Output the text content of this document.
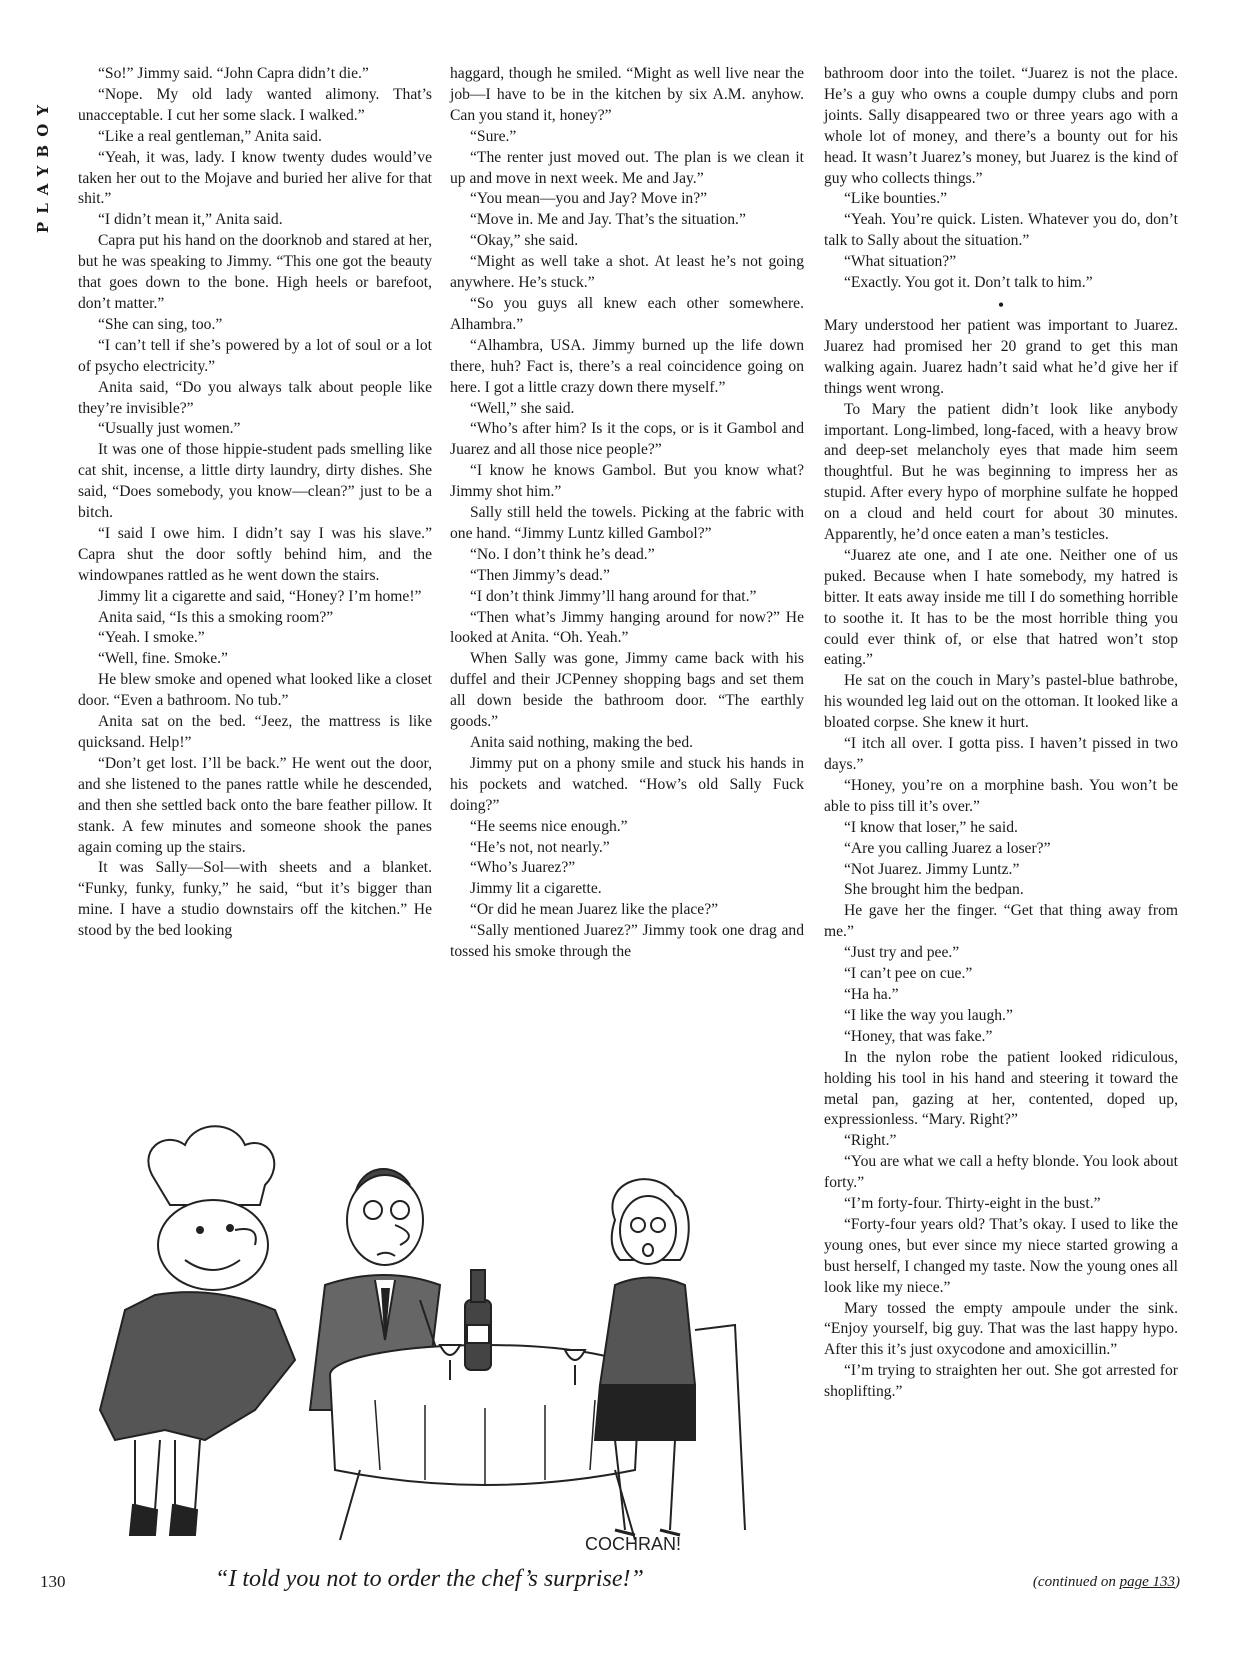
PLAYBOY

“So!” Jimmy said. “John Capra didn’t die.”

“Nope. My old lady wanted alimony. That’s unacceptable. I cut her some slack. I walked.”

“Like a real gentleman,” Anita said.

“Yeah, it was, lady. I know twenty dudes would’ve taken her out to the Mojave and buried her alive for that shit.”

“I didn’t mean it,” Anita said.

Capra put his hand on the doorknob and stared at her, but he was speaking to Jimmy. “This one got the beauty that goes down to the bone. High heels or barefoot, don’t matter.”

“She can sing, too.”

“I can’t tell if she’s powered by a lot of soul or a lot of psycho electricity.”

Anita said, “Do you always talk about people like they’re invisible?”

“Usually just women.”

It was one of those hippie-student pads smelling like cat shit, incense, a little dirty laundry, dirty dishes. She said, “Does somebody, you know—clean?” just to be a bitch.

“I said I owe him. I didn’t say I was his slave.” Capra shut the door softly behind him, and the windowpanes rattled as he went down the stairs.

Jimmy lit a cigarette and said, “Honey? I’m home!”

Anita said, “Is this a smoking room?”

“Yeah. I smoke.”

“Well, fine. Smoke.”

He blew smoke and opened what looked like a closet door. “Even a bathroom. No tub.”

Anita sat on the bed. “Jeez, the mattress is like quicksand. Help!”

“Don’t get lost. I’ll be back.” He went out the door, and she listened to the panes rattle while he descended, and then she settled back onto the bare feather pillow. It stank. A few minutes and someone shook the panes again coming up the stairs.

It was Sally—Sol—with sheets and a blanket. “Funky, funky, funky,” he said, “but it’s bigger than mine. I have a studio downstairs off the kitchen.” He stood by the bed looking

haggard, though he smiled. “Might as well live near the job—I have to be in the kitchen by six A.M. anyhow. Can you stand it, honey?”

“Sure.”

“The renter just moved out. The plan is we clean it up and move in next week. Me and Jay.”

“You mean—you and Jay? Move in?”

“Move in. Me and Jay. That’s the situation.”

“Okay,” she said.

“Might as well take a shot. At least he’s not going anywhere. He’s stuck.”

“So you guys all knew each other somewhere. Alhambra.”

“Alhambra, USA. Jimmy burned up the life down there, huh? Fact is, there’s a real coincidence going on here. I got a little crazy down there myself.”

“Well,” she said.

“Who’s after him? Is it the cops, or is it Gambol and Juarez and all those nice people?”

“I know he knows Gambol. But you know what? Jimmy shot him.”

Sally still held the towels. Picking at the fabric with one hand. “Jimmy Luntz killed Gambol?”

“No. I don’t think he’s dead.”

“Then Jimmy’s dead.”

“I don’t think Jimmy’ll hang around for that.”

“Then what’s Jimmy hanging around for now?” He looked at Anita. “Oh. Yeah.”

When Sally was gone, Jimmy came back with his duffel and their JCPenney shopping bags and set them all down beside the bathroom door. “The earthly goods.”

Anita said nothing, making the bed.

Jimmy put on a phony smile and stuck his hands in his pockets and watched. “How’s old Sally Fuck doing?”

“He seems nice enough.”

“He’s not, not nearly.”

“Who’s Juarez?”

Jimmy lit a cigarette.

“Or did he mean Juarez like the place?”

“Sally mentioned Juarez?” Jimmy took one drag and tossed his smoke through the

bathroom door into the toilet. “Juarez is not the place. He’s a guy who owns a couple dumpy clubs and porn joints. Sally disappeared two or three years ago with a whole lot of money, and there’s a bounty out for his head. It wasn’t Juarez’s money, but Juarez is the kind of guy who collects things.”

“Like bounties.”

“Yeah. You’re quick. Listen. Whatever you do, don’t talk to Sally about the situation.”

“What situation?”

“Exactly. You got it. Don’t talk to him.”

•

Mary understood her patient was important to Juarez. Juarez had promised her 20 grand to get this man walking again. Juarez hadn’t said what he’d give her if things went wrong.

To Mary the patient didn’t look like anybody important. Long-limbed, long-faced, with a heavy brow and deep-set melancholy eyes that made him seem thoughtful. But he was beginning to impress her as stupid. After every hypo of morphine sulfate he hopped on a cloud and held court for about 30 minutes. Apparently, he’d once eaten a man’s testicles.

“Juarez ate one, and I ate one. Neither one of us puked. Because when I hate somebody, my hatred is bitter. It eats away inside me till I do something horrible to soothe it. It has to be the most horrible thing you could ever think of, or else that hatred won’t stop eating.”

He sat on the couch in Mary’s pastel-blue bathrobe, his wounded leg laid out on the ottoman. It looked like a bloated corpse. She knew it hurt.

“I itch all over. I gotta piss. I haven’t pissed in two days.”

“Honey, you’re on a morphine bash. You won’t be able to piss till it’s over.”

“I know that loser,” he said.

“Are you calling Juarez a loser?”

“Not Juarez. Jimmy Luntz.”

She brought him the bedpan.

He gave her the finger. “Get that thing away from me.”

“Just try and pee.”

“I can’t pee on cue.”

“Ha ha.”

“I like the way you laugh.”

“Honey, that was fake.”

In the nylon robe the patient looked ridiculous, holding his tool in his hand and steering it toward the metal pan, gazing at her, contented, doped up, expressionless. “Mary. Right?”

“Right.”

“You are what we call a hefty blonde. You look about forty.”

“I’m forty-four. Thirty-eight in the bust.”

“Forty-four years old? That’s okay. I used to like the young ones, but ever since my niece started growing a bust herself, I changed my taste. Now the young ones all look like my niece.”

Mary tossed the empty ampoule under the sink. “Enjoy yourself, big guy. That was the last happy hypo. After this it’s just oxycodone and amoxicillin.”

“I’m trying to straighten her out. She got arrested for shoplifting.”

COCHRAN!
130	“I told you not to order the chef’s surprise!”	(continued on page 133)
